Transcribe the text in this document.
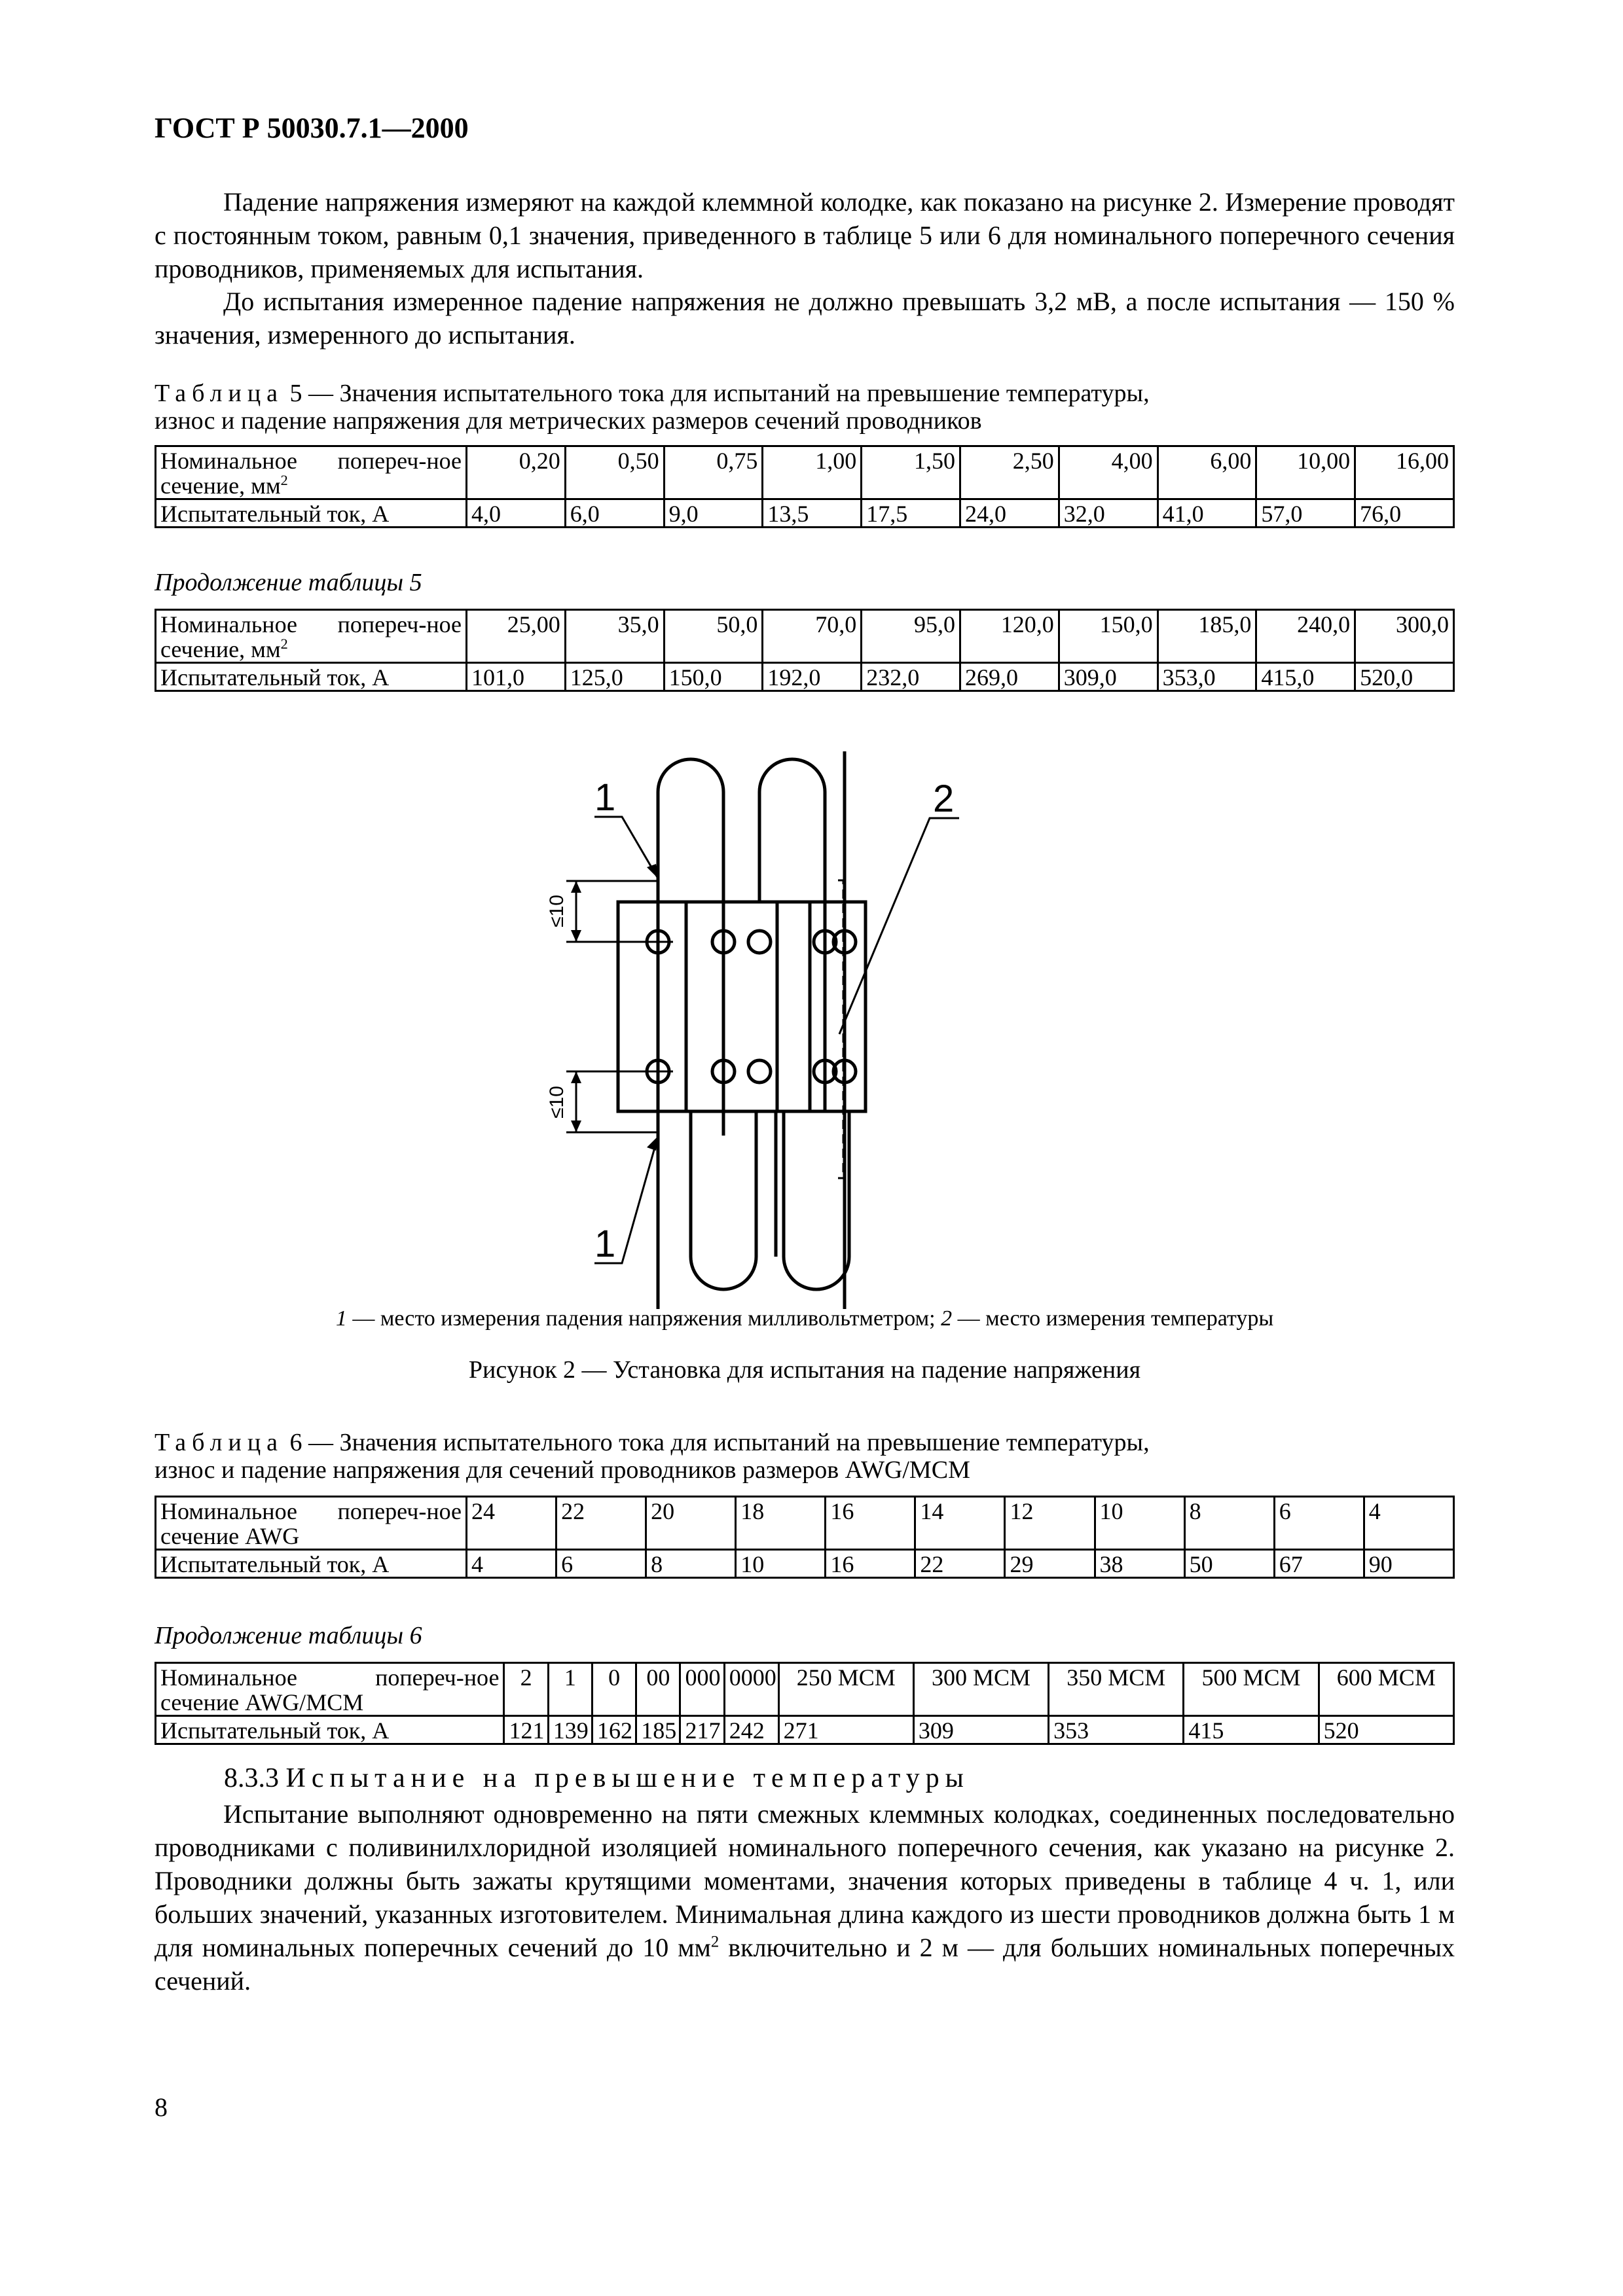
ГОСТ Р 50030.7.1—2000

Падение напряжения измеряют на каждой клеммной колодке, как показано на рисунке 2. Измерение проводят с постоянным током, равным 0,1 значения, приведенного в таблице 5 или 6 для номинального поперечного сечения проводников, применяемых для испытания.

До испытания измеренное падение напряжения не должно превышать 3,2 мВ, а после испытания — 150 % значения, измеренного до испытания.

Таблица 5 — Значения испытательного тока для испытаний на превышение температуры,
износ и падение напряжения для метрических размеров сечений проводников
Номинальное попереч-ное сечение, $мм^2$	0,20	0,50	0,75	1,00	1,50	2,50	4,00	6,00	10,00	16,00
Испытательный ток, А	4,0	6,0	9,0	13,5	17,5	24,0	32,0	41,0	57,0	76,0
Продолжение таблицы 5
Номинальное попереч-ное сечение, $мм^2$	25,00	35,0	50,0	70,0	95,0	120,0	150,0	185,0	240,0	300,0
Испытательный ток, А	101,0	125,0	150,0	192,0	232,0	269,0	309,0	353,0	415,0	520,0
1
1
2
≤10
≤10
1 — место измерения падения напряжения милливольтметром; 2 — место измерения температуры
Рисунок 2 — Установка для испытания на падение напряжения
Таблица 6 — Значения испытательного тока для испытаний на превышение температуры,
износ и падение напряжения для сечений проводников размеров AWG/MCM
Номинальное попереч-ное сечение AWG	24	22	20	18	16	14	12	10	8	6	4
Испытательный ток, А	4	6	8	10	16	22	29	38	50	67	90
Продолжение таблицы 6
Номинальное попереч-ное сечение AWG/MCM	2	1	0	00	000	0000	250 MCM	300 MCM	350 MCM	500 MCM	600 MCM
Испытательный ток, А	121	139	162	185	217	242	271	309	353	415	520
8.3.3 Испытание на превышение температуры

Испытание выполняют одновременно на пяти смежных клеммных колодках, соединенных последовательно проводниками с поливинилхлоридной изоляцией номинального поперечного сечения, как указано на рисунке 2. Проводники должны быть зажаты крутящими моментами, значения которых приведены в таблице 4 ч. 1, или больших значений, указанных изготовителем. Минимальная длина каждого из шести проводников должна быть 1 м для номинальных поперечных сечений до 10 $мм^2$ включительно и 2 м — для больших номинальных поперечных сечений.

8
